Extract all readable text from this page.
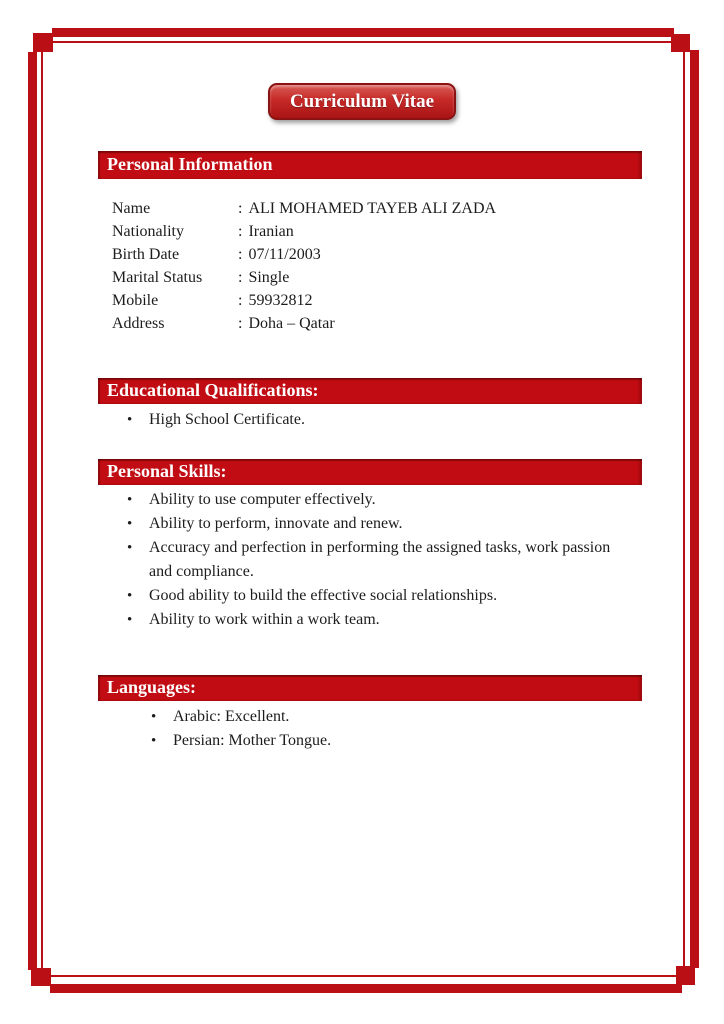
Curriculum Vitae
Personal Information
Name	: ALI MOHAMED TAYEB ALI ZADA
Nationality	: Iranian
Birth Date	: 07/11/2003
Marital Status	: Single
Mobile	: 59932812
Address	: Doha – Qatar
Educational Qualifications:
•	High School Certificate.
Personal Skills:
•	Ability to use computer effectively.
•	Ability to perform, innovate and renew.
•	Accuracy and perfection in performing the assigned tasks, work passion and compliance.
•	Good ability to build the effective social relationships.
•	Ability to work within a work team.
Languages:
•	Arabic: Excellent.
•	Persian: Mother Tongue.
